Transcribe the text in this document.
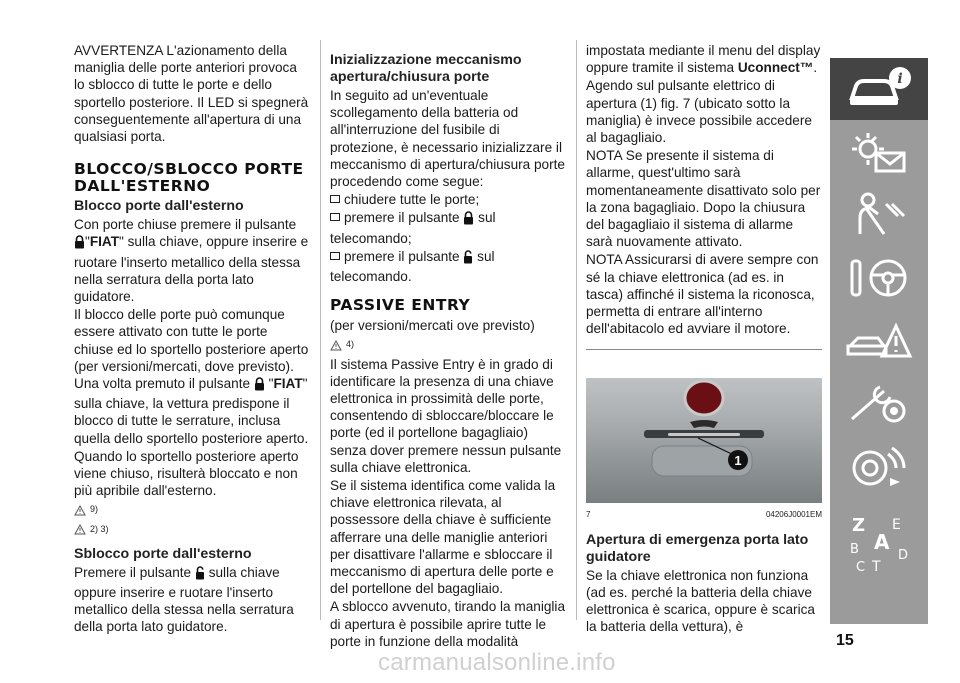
AVVERTENZA L'azionamento della maniglia delle porte anteriori provoca lo sblocco di tutte le porte e dello sportello posteriore. Il LED si spegnerà conseguentemente all'apertura di una qualsiasi porta.

BLOCCO/SBLOCCO PORTE DALL'ESTERNO
Blocco porte dall'esterno

Con porte chiuse premere il pulsante
"FIAT" sulla chiave, oppure inserire e ruotare l'inserto metallico della stessa nella serratura della porta lato guidatore.

Il blocco delle porte può comunque essere attivato con tutte le porte chiuse ed lo sportello posteriore aperto (per versioni/mercati, dove previsto). Una volta premuto il pulsante  "FIAT" sulla chiave, la vettura predispone il blocco di tutte le serrature, inclusa quella dello sportello posteriore aperto.

Quando lo sportello posteriore aperto viene chiuso, risulterà bloccato e non più apribile dall'esterno.

9)
2) 3)
Sblocco porte dall'esterno

Premere il pulsante sulla chiave oppure inserire e ruotare l'inserto metallico della stessa nella serratura della porta lato guidatore.

Inizializzazione meccanismo apertura/chiusura porte

In seguito ad un'eventuale scollegamento della batteria od all'interruzione del fusibile di protezione, è necessario inizializzare il meccanismo di apertura/chiusura porte procedendo come segue:

chiudere tutte le porte;

premere il pulsante sul telecomando;

premere il pulsante sul telecomando.

PASSIVE ENTRY

(per versioni/mercati ove previsto)

4)

Il sistema Passive Entry è in grado di identificare la presenza di una chiave elettronica in prossimità delle porte, consentendo di sbloccare/bloccare le porte (ed il portellone bagagliaio) senza dover premere nessun pulsante sulla chiave elettronica.

Se il sistema identifica come valida la chiave elettronica rilevata, al possessore della chiave è sufficiente afferrare una delle maniglie anteriori per disattivare l'allarme e sbloccare il meccanismo di apertura delle porte e del portellone del bagagliaio.

A sblocco avvenuto, tirando la maniglia di apertura è possibile aprire tutte le porte in funzione della modalità

impostata mediante il menu del display oppure tramite il sistema Uconnect™.

Agendo sul pulsante elettrico di apertura (1) fig. 7 (ubicato sotto la maniglia) è invece possibile accedere al bagagliaio.

NOTA Se presente il sistema di allarme, quest'ultimo sarà momentaneamente disattivato solo per la zona bagagliaio. Dopo la chiusura del bagagliaio il sistema di allarme sarà nuovamente attivato.

NOTA Assicurarsi di avere sempre con sé la chiave elettronica (ad es. in tasca) affinché il sistema la riconosca, permetta di entrare all'interno dell'abitacolo ed avviare il motore.

1
7	04206J0001EM
Apertura di emergenza porta lato guidatore

Se la chiave elettronica non funziona (ad es. perché la batteria della chiave elettronica è scarica, oppure è scarica la batteria della vettura), è

i
Z E
B A
C T
D
15
carmanualsonline.info
